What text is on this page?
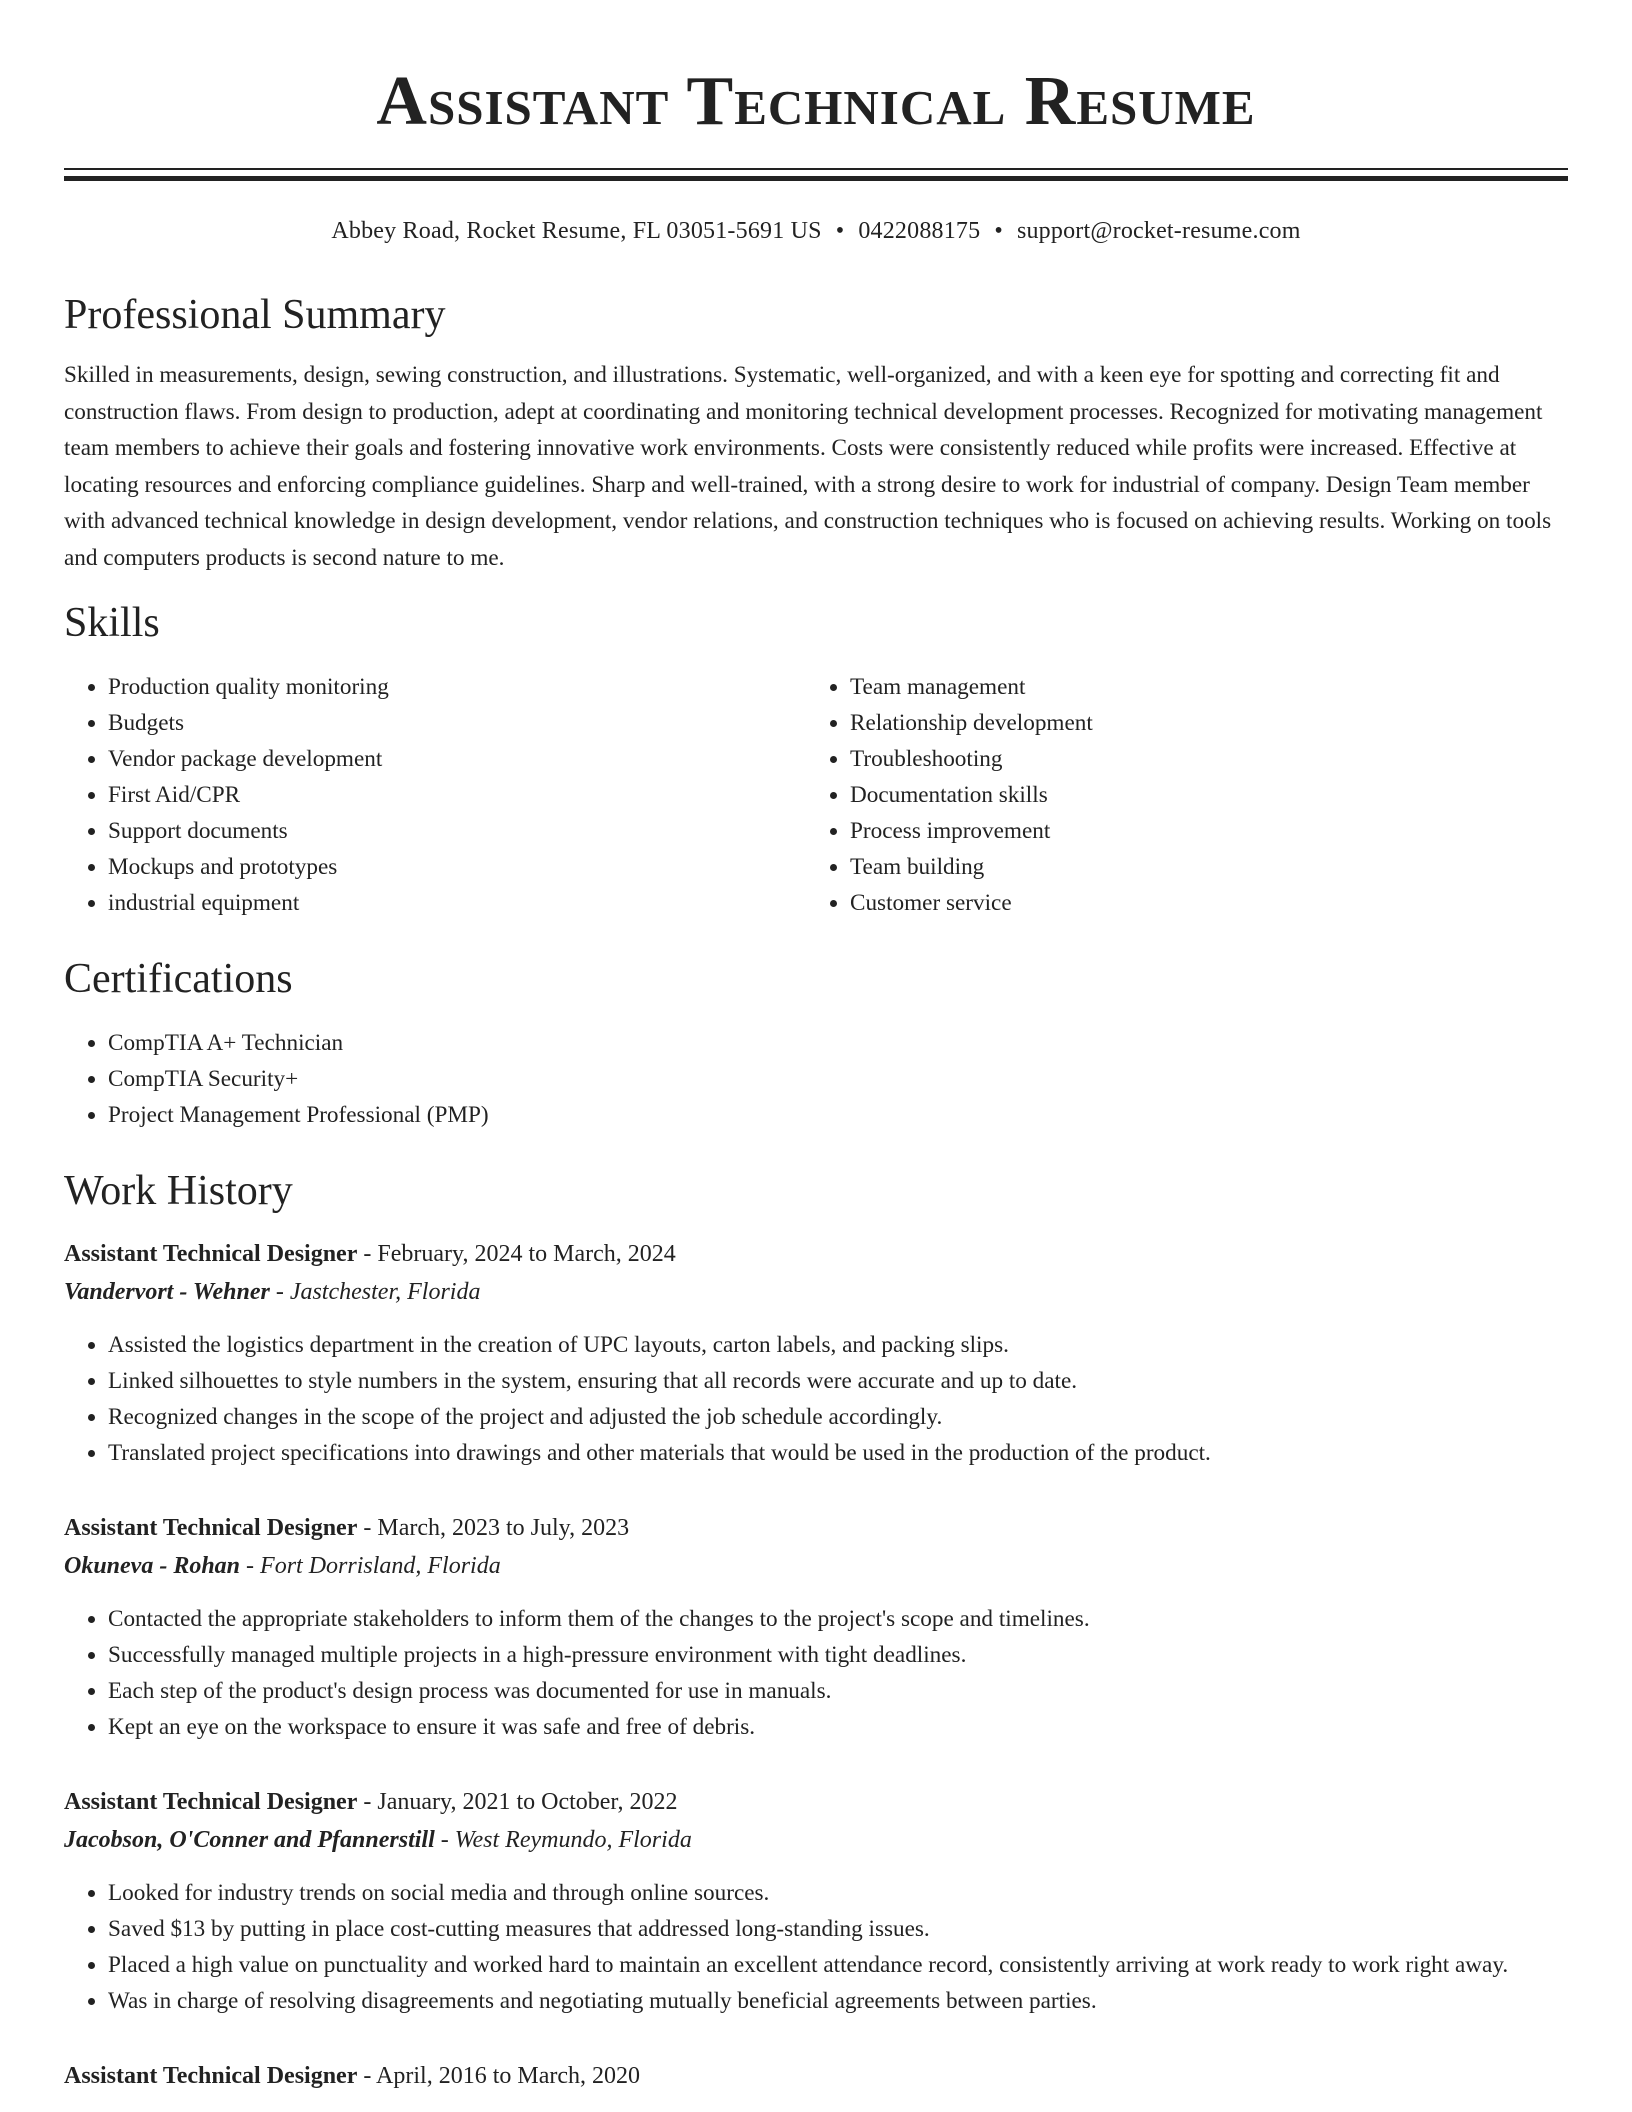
Assistant Technical Resume
Abbey Road, Rocket Resume, FL 03051-5691 US • 0422088175 • support@rocket-resume.com
Professional Summary

Skilled in measurements, design, sewing construction, and illustrations. Systematic, well-organized, and with a keen eye for spotting and correcting fit and construction flaws. From design to production, adept at coordinating and monitoring technical development processes. Recognized for motivating management team members to achieve their goals and fostering innovative work environments. Costs were consistently reduced while profits were increased. Effective at locating resources and enforcing compliance guidelines. Sharp and well-trained, with a strong desire to work for industrial of company. Design Team member with advanced technical knowledge in design development, vendor relations, and construction techniques who is focused on achieving results. Working on tools and computers products is second nature to me.

Skills
• Production quality monitoring
• Budgets
• Vendor package development
• First Aid/CPR
• Support documents
• Mockups and prototypes
• industrial equipment
• Team management
• Relationship development
• Troubleshooting
• Documentation skills
• Process improvement
• Team building
• Customer service
Certifications
• CompTIA A+ Technician
• CompTIA Security+
• Project Management Professional (PMP)
Work History
Assistant Technical Designer - February, 2024 to March, 2024
Vandervort - Wehner - Jastchester, Florida
• Assisted the logistics department in the creation of UPC layouts, carton labels, and packing slips.
• Linked silhouettes to style numbers in the system, ensuring that all records were accurate and up to date.
• Recognized changes in the scope of the project and adjusted the job schedule accordingly.
• Translated project specifications into drawings and other materials that would be used in the production of the product.
Assistant Technical Designer - March, 2023 to July, 2023
Okuneva - Rohan - Fort Dorrisland, Florida
• Contacted the appropriate stakeholders to inform them of the changes to the project's scope and timelines.
• Successfully managed multiple projects in a high-pressure environment with tight deadlines.
• Each step of the product's design process was documented for use in manuals.
• Kept an eye on the workspace to ensure it was safe and free of debris.
Assistant Technical Designer - January, 2021 to October, 2022
Jacobson, O'Conner and Pfannerstill - West Reymundo, Florida
• Looked for industry trends on social media and through online sources.
• Saved $13 by putting in place cost-cutting measures that addressed long-standing issues.
• Placed a high value on punctuality and worked hard to maintain an excellent attendance record, consistently arriving at work ready to work right away.
• Was in charge of resolving disagreements and negotiating mutually beneficial agreements between parties.
Assistant Technical Designer - April, 2016 to March, 2020
